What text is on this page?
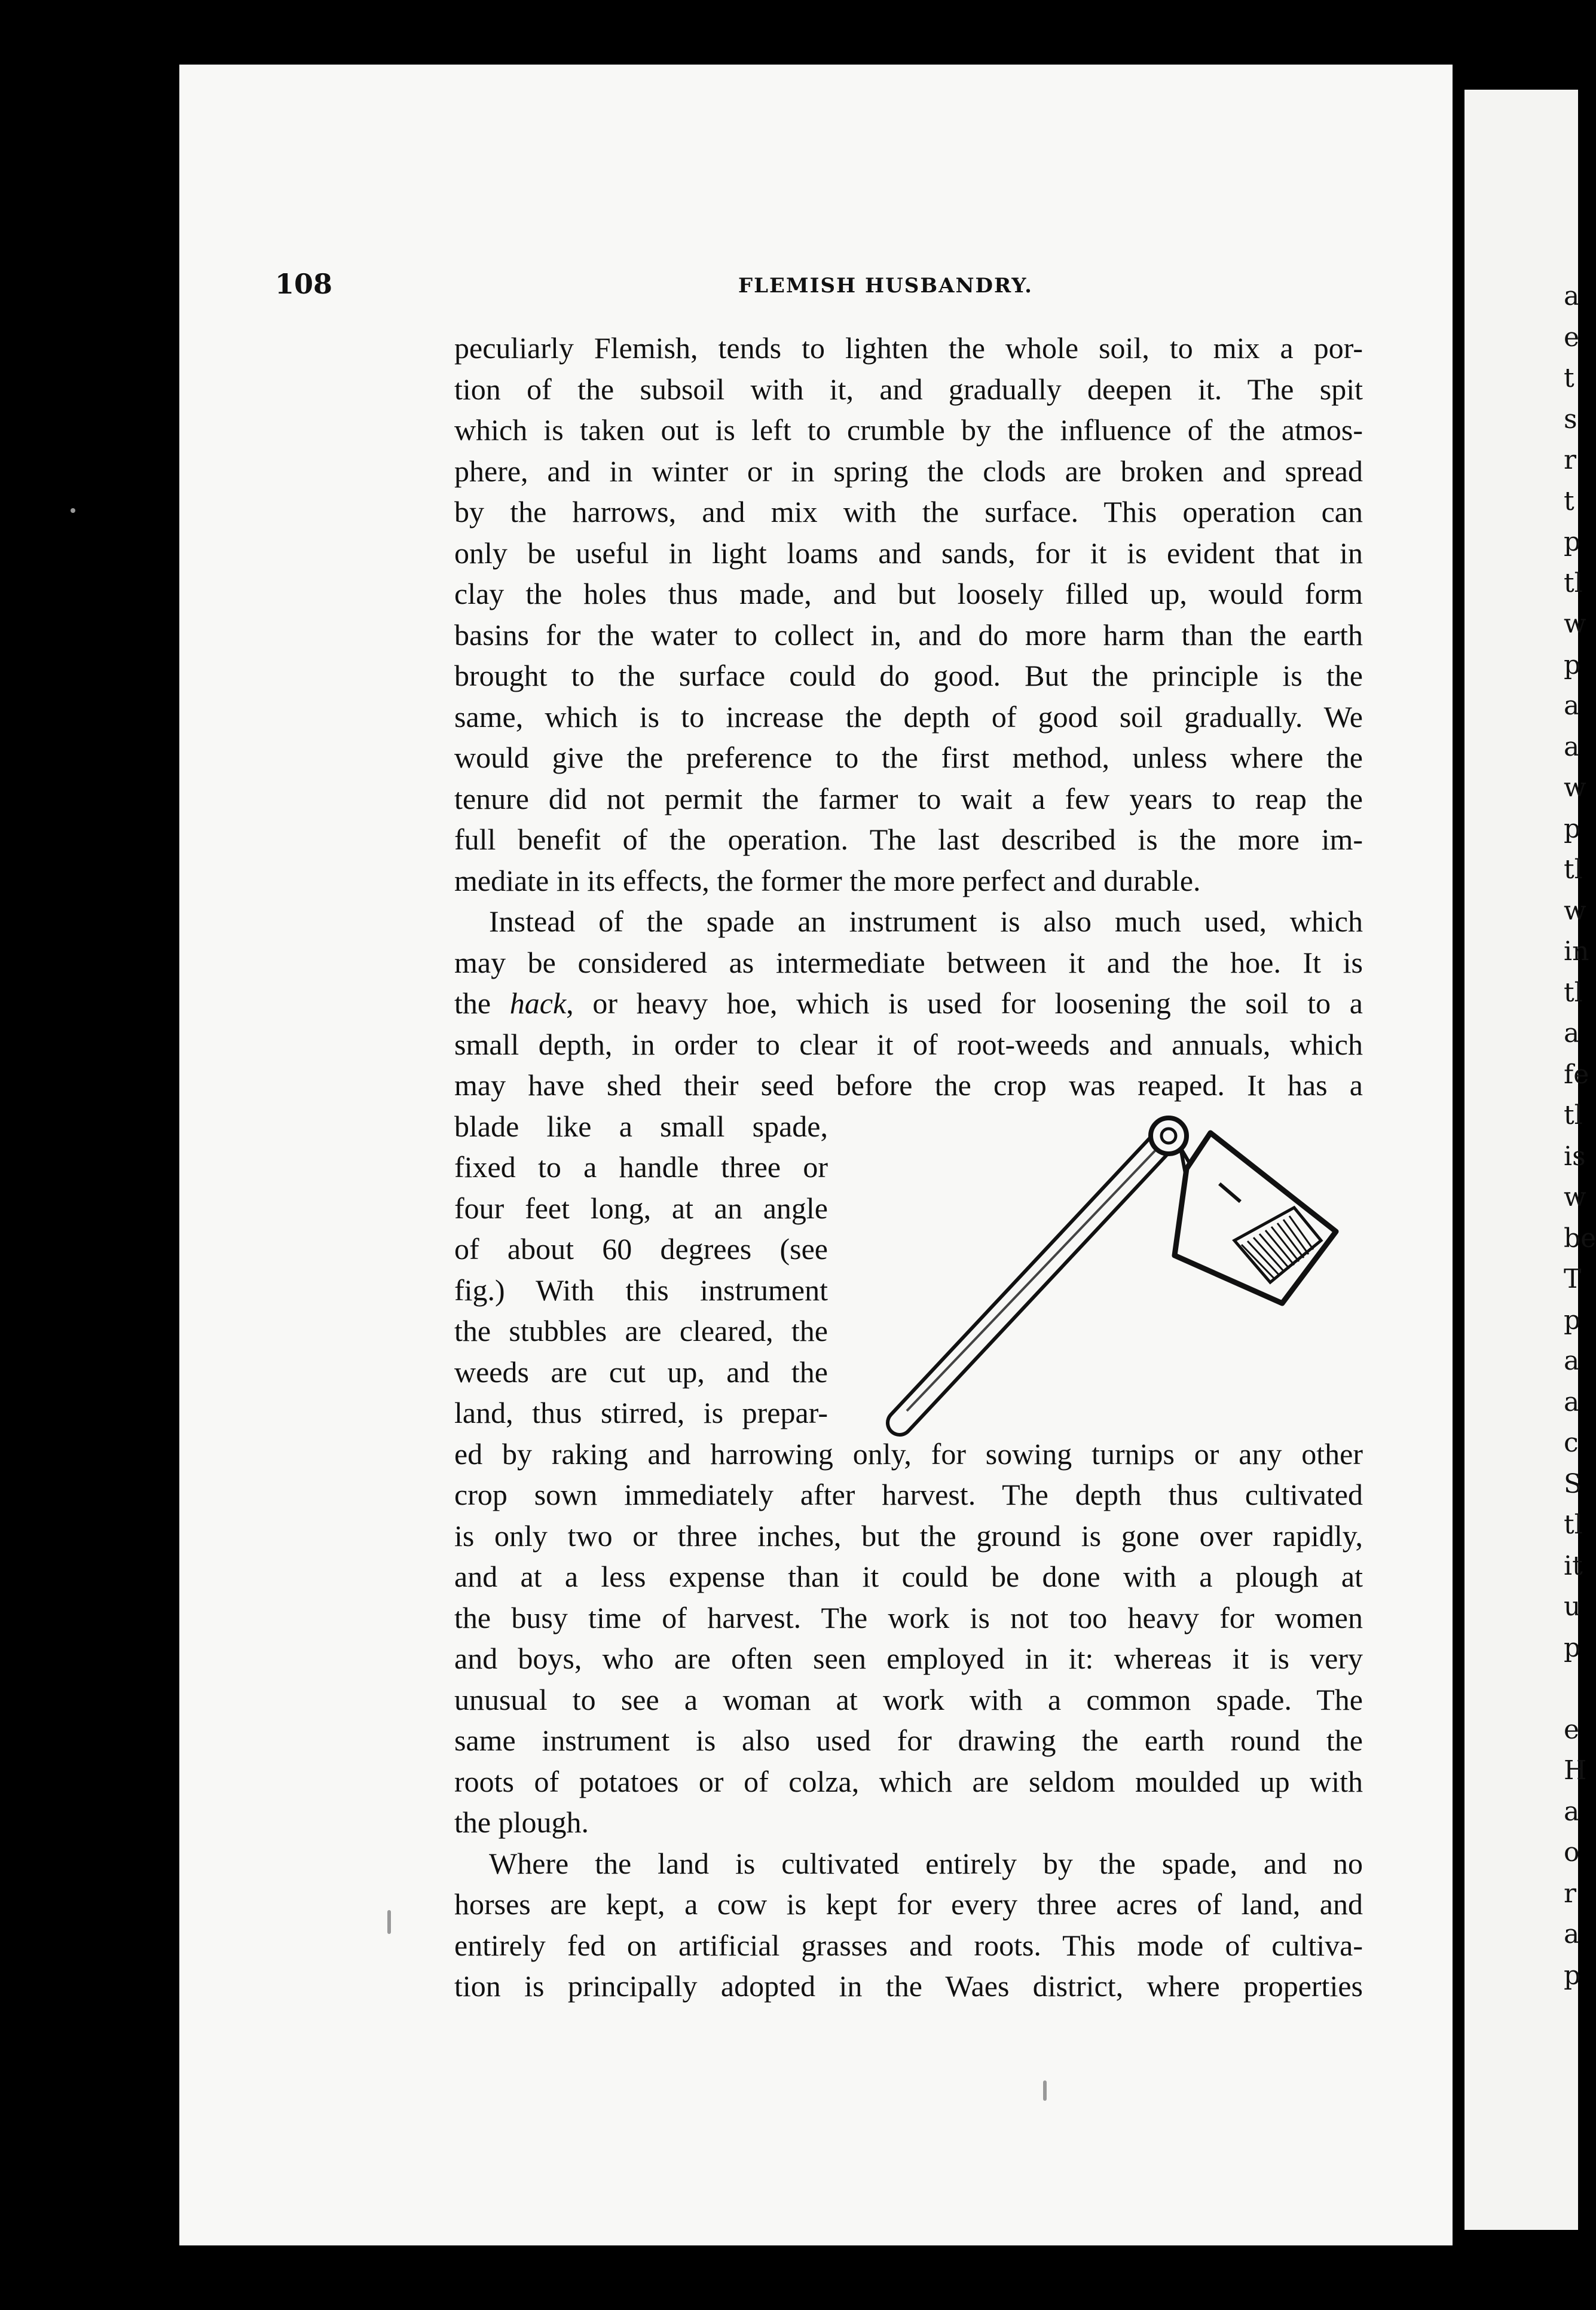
a
e
t
s
r
t
p
tl
w
p
a
a
w
p
tl
w
in
tl
a
fe
tl
is
w
be
T
p
a
a
c
S
tl
it
u
p
e
H
a
o
r
a
p
108	FLEMISH HUSBANDRY.
peculiarly Flemish, tends to lighten the whole soil, to mix a por-
tion of the subsoil with it, and gradually deepen it. The spit
which is taken out is left to crumble by the influence of the atmos-
phere, and in winter or in spring the clods are broken and spread
by the harrows, and mix with the surface. This operation can
only be useful in light loams and sands, for it is evident that in
clay the holes thus made, and but loosely filled up, would form
basins for the water to collect in, and do more harm than the earth
brought to the surface could do good. But the principle is the
same, which is to increase the depth of good soil gradually. We
would give the preference to the first method, unless where the
tenure did not permit the farmer to wait a few years to reap the
full benefit of the operation. The last described is the more im-
mediate in its effects, the former the more perfect and durable.
Instead of the spade an instrument is also much used, which
may be considered as intermediate between it and the hoe. It is
the hack, or heavy hoe, which is used for loosening the soil to a
small depth, in order to clear it of root-weeds and annuals, which
may have shed their seed before the crop was reaped. It has a
blade like a small spade,
fixed to a handle three or
four feet long, at an angle
of about 60 degrees (see
fig.) With this instrument
the stubbles are cleared, the
weeds are cut up, and the
land, thus stirred, is prepar-
ed by raking and harrowing only, for sowing turnips or any other
crop sown immediately after harvest. The depth thus cultivated
is only two or three inches, but the ground is gone over rapidly,
and at a less expense than it could be done with a plough at
the busy time of harvest. The work is not too heavy for women
and boys, who are often seen employed in it: whereas it is very
unusual to see a woman at work with a common spade. The
same instrument is also used for drawing the earth round the
roots of potatoes or of colza, which are seldom moulded up with
the plough.
Where the land is cultivated entirely by the spade, and no
horses are kept, a cow is kept for every three acres of land, and
entirely fed on artificial grasses and roots. This mode of cultiva-
tion is principally adopted in the Waes district, where properties
